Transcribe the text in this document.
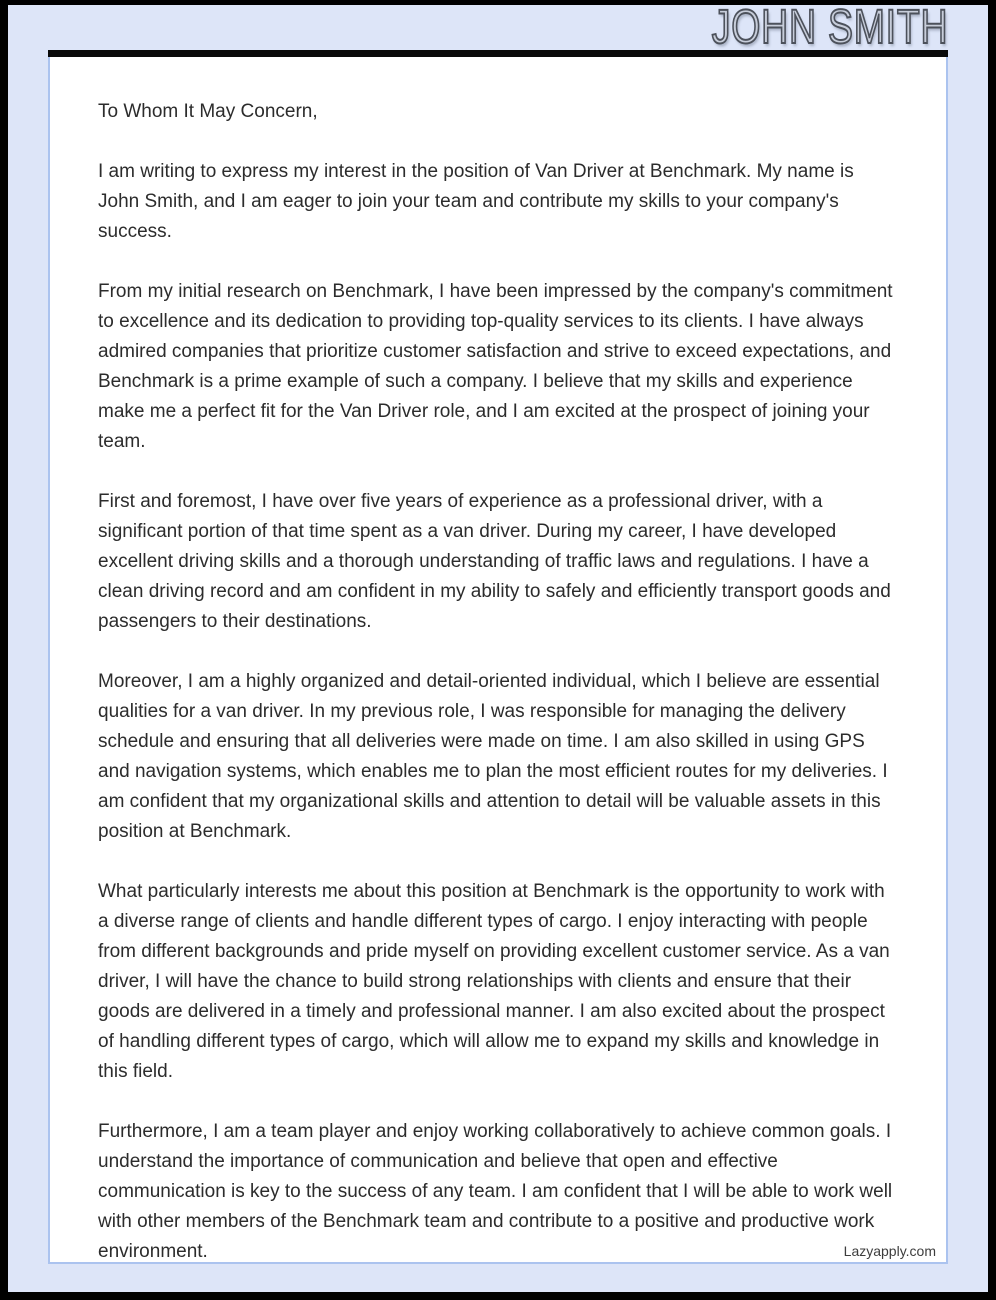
JOHN SMITH

To Whom It May Concern,

I am writing to express my interest in the position of Van Driver at Benchmark. My name is John Smith, and I am eager to join your team and contribute my skills to your company's success.

From my initial research on Benchmark, I have been impressed by the company's commitment to excellence and its dedication to providing top-quality services to its clients. I have always admired companies that prioritize customer satisfaction and strive to exceed expectations, and Benchmark is a prime example of such a company. I believe that my skills and experience make me a perfect fit for the Van Driver role, and I am excited at the prospect of joining your team.

First and foremost, I have over five years of experience as a professional driver, with a significant portion of that time spent as a van driver. During my career, I have developed excellent driving skills and a thorough understanding of traffic laws and regulations. I have a clean driving record and am confident in my ability to safely and efficiently transport goods and passengers to their destinations.

Moreover, I am a highly organized and detail-oriented individual, which I believe are essential qualities for a van driver. In my previous role, I was responsible for managing the delivery schedule and ensuring that all deliveries were made on time. I am also skilled in using GPS and navigation systems, which enables me to plan the most efficient routes for my deliveries. I am confident that my organizational skills and attention to detail will be valuable assets in this position at Benchmark.

What particularly interests me about this position at Benchmark is the opportunity to work with a diverse range of clients and handle different types of cargo. I enjoy interacting with people from different backgrounds and pride myself on providing excellent customer service. As a van driver, I will have the chance to build strong relationships with clients and ensure that their goods are delivered in a timely and professional manner. I am also excited about the prospect of handling different types of cargo, which will allow me to expand my skills and knowledge in this field.

Furthermore, I am a team player and enjoy working collaboratively to achieve common goals. I understand the importance of communication and believe that open and effective communication is key to the success of any team. I am confident that I will be able to work well with other members of the Benchmark team and contribute to a positive and productive work environment.	Lazyapply.com
